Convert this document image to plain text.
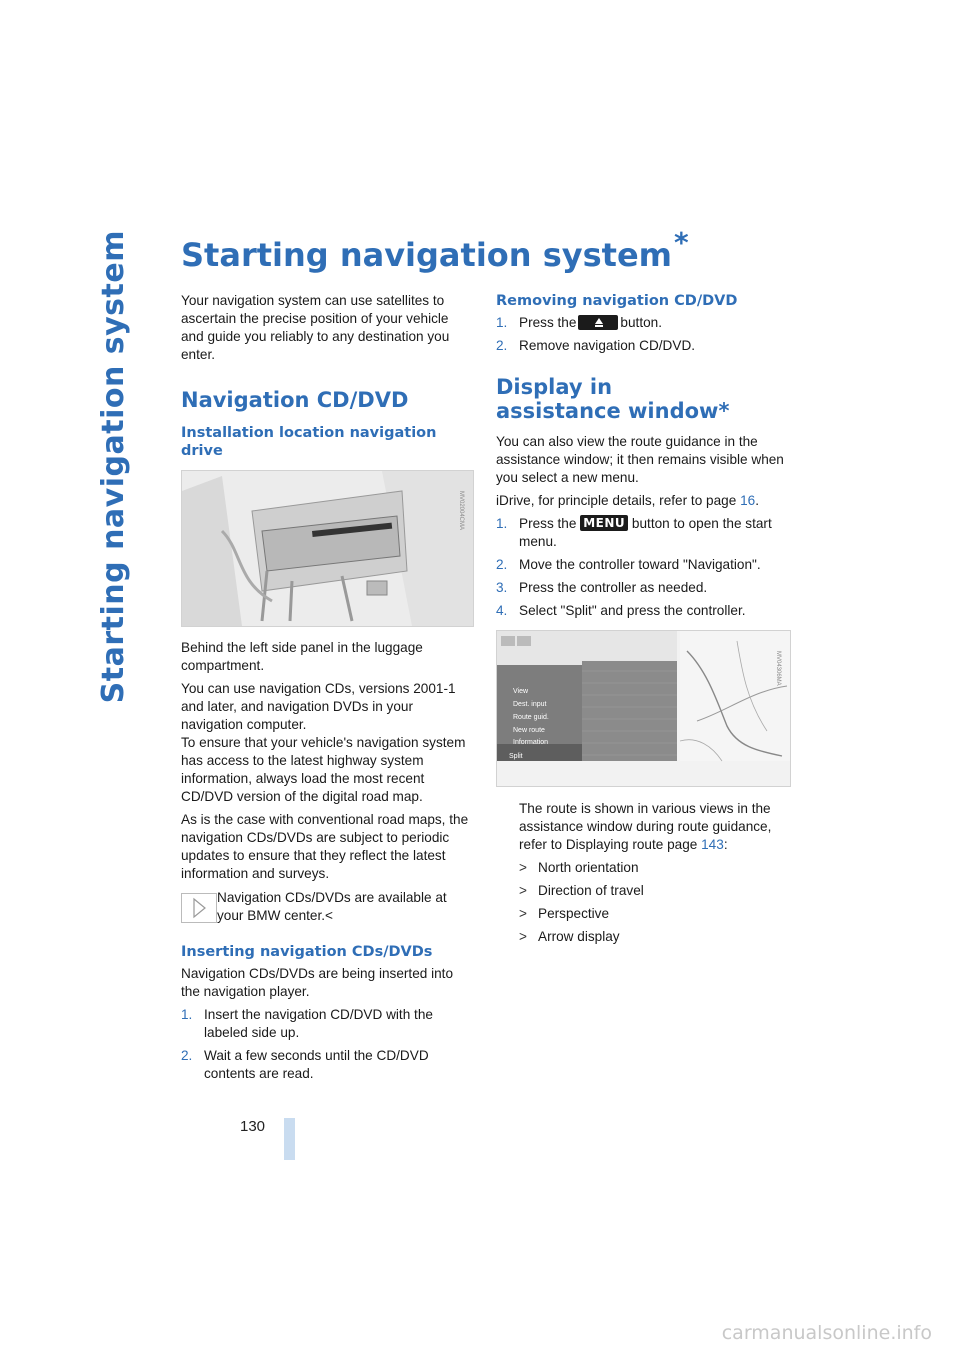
Starting navigation system
130
Starting navigation system*

Your navigation system can use satellites to ascertain the precise position of your vehicle and guide you reliably to any destination you enter.

Navigation CD/DVD
Installation location navigation drive
MV02004CMA

Behind the left side panel in the luggage compartment.

You can use navigation CDs, versions 2001-1 and later, and navigation DVDs in your navigation computer.

To ensure that your vehicle's navigation system has access to the latest highway system information, always load the most recent CD/DVD version of the digital road map.

As is the case with conventional road maps, the navigation CDs/DVDs are subject to periodic updates to ensure that they reflect the latest information and surveys.

Navigation CDs/DVDs are available at your BMW center.<
Inserting navigation CDs/DVDs

Navigation CDs/DVDs are being inserted into the navigation player.

1. Insert the navigation CD/DVD with the labeled side up.
2. Wait a few seconds until the CD/DVD contents are read.
Removing navigation CD/DVD
1. Press the	button.
2. Remove navigation CD/DVD.
Display in assistance window*

You can also view the route guidance in the assistance window; it then remains visible when you select a new menu.

iDrive, for principle details, refer to page 16.

1. Press the MENU button to open the start menu.
2. Move the controller toward "Navigation".
3. Press the controller as needed.
4. Select "Split" and press the controller.
View
Dest. input
Route guid.
New route
Information
Split
MV04306MA

The route is shown in various views in the assistance window during route guidance, refer to Displaying route page 143:

> North orientation
> Direction of travel
> Perspective
> Arrow display
carmanualsonline.info
